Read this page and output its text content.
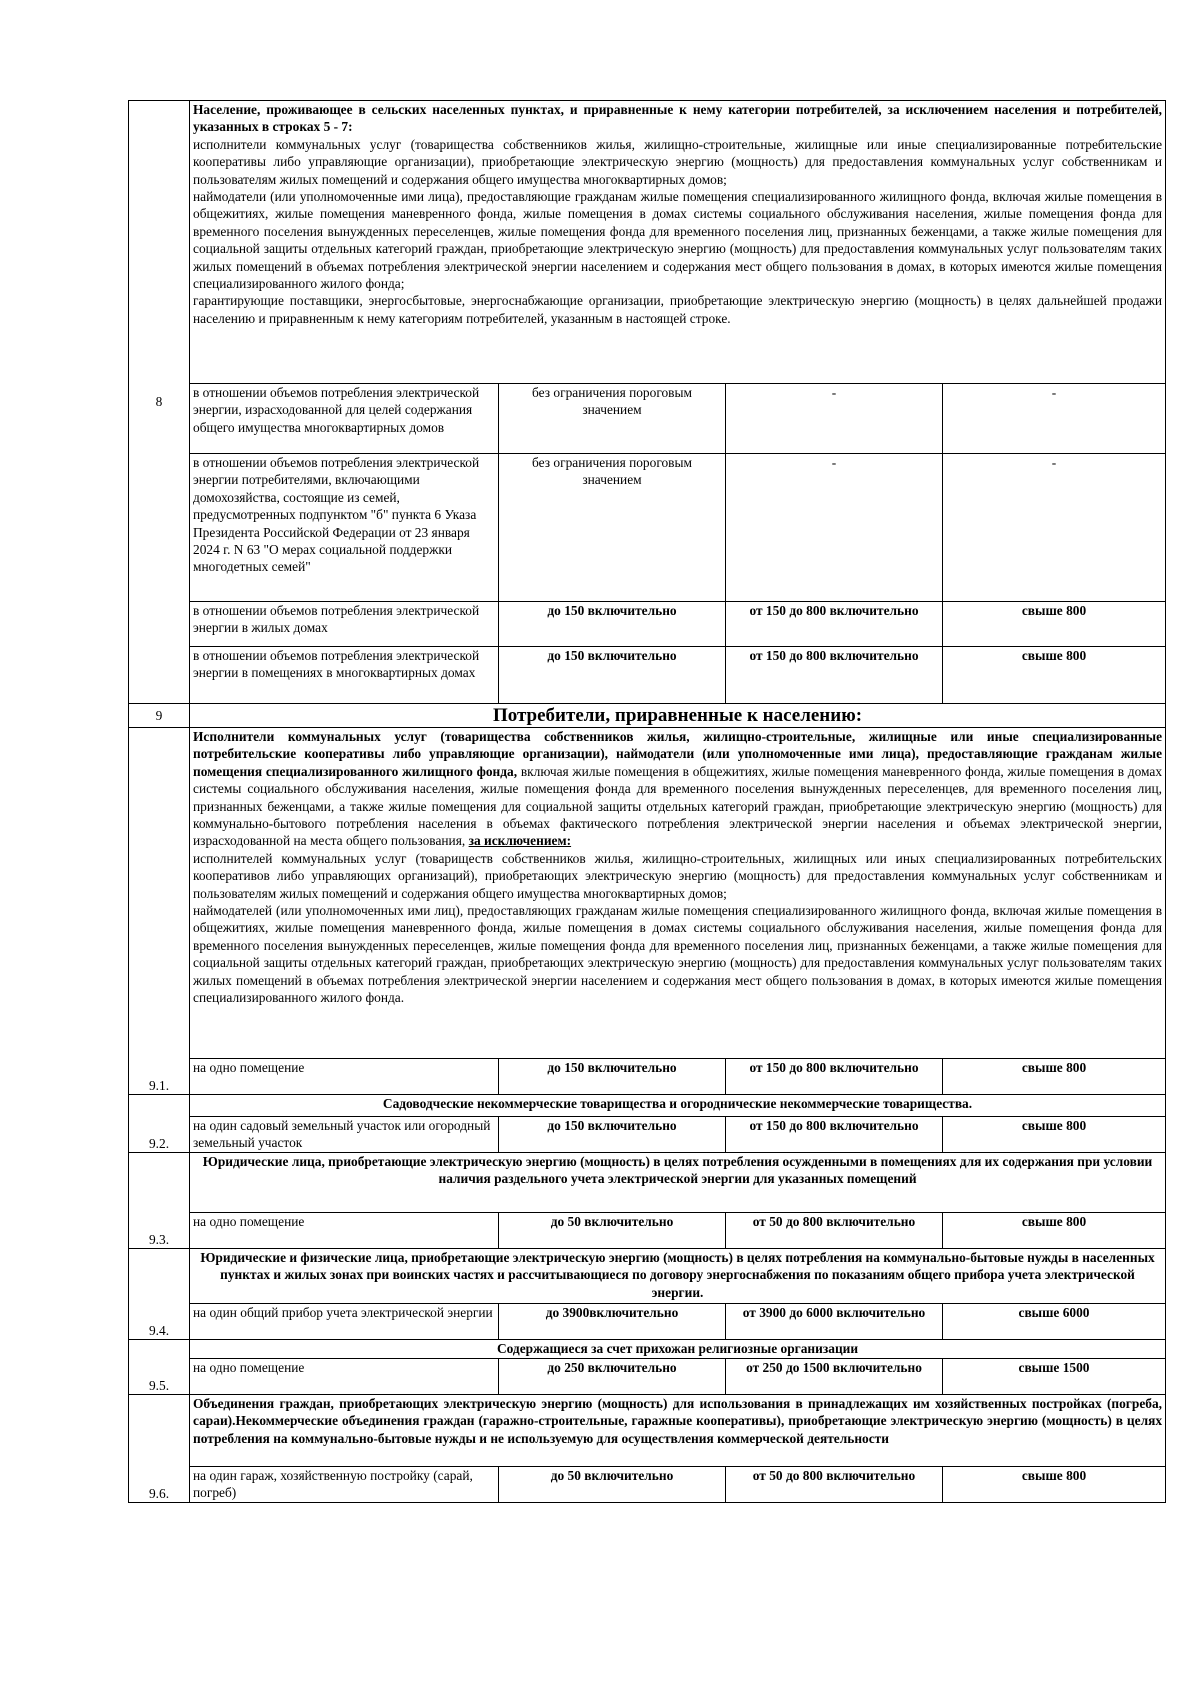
8	Население, проживающее в сельских населенных пунктах, и приравненные к нему категории потребителей, за исключением населения и потребителей, указанных в строках 5 - 7:

исполнители коммунальных услуг (товарищества собственников жилья, жилищно-строительные, жилищные или иные специализированные потребительские кооперативы либо управляющие организации), приобретающие электрическую энергию (мощность) для предоставления коммунальных услуг собственникам и пользователям жилых помещений и содержания общего имущества многоквартирных домов;

наймодатели (или уполномоченные ими лица), предоставляющие гражданам жилые помещения специализированного жилищного фонда, включая жилые помещения в общежитиях, жилые помещения маневренного фонда, жилые помещения в домах системы социального обслуживания населения, жилые помещения фонда для временного поселения вынужденных переселенцев, жилые помещения фонда для временного поселения лиц, признанных беженцами, а также жилые помещения для социальной защиты отдельных категорий граждан, приобретающие электрическую энергию (мощность) для предоставления коммунальных услуг пользователям таких жилых помещений в объемах потребления электрической энергии населением и содержания мест общего пользования в домах, в которых имеются жилые помещения специализированного жилого фонда;

гарантирующие поставщики, энергосбытовые, энергоснабжающие организации, приобретающие электрическую энергию (мощность) в целях дальнейшей продажи населению и приравненным к нему категориям потребителей, указанным в настоящей строке.			

	в отношении объемов потребления электрической энергии, израсходованной для целей содержания общего имущества многоквартирных домов	без ограничения пороговым значением	-	-
	в отношении объемов потребления электрической энергии потребителями, включающими домохозяйства, состоящие из семей, предусмотренных подпунктом "б" пункта 6 Указа Президента Российской Федерации от 23 января 2024 г. N 63 "О мерах социальной поддержки многодетных семей"	без ограничения пороговым значением	-	-
	в отношении объемов потребления электрической энергии в жилых домах	до 150 включительно	от 150 до 800 включительно	свыше 800
	в отношении объемов потребления электрической энергии в помещениях в многоквартирных домах	до 150 включительно	от 150 до 800 включительно	свыше 800
9	Потребители, приравненные к населению:			
9.1.	Исполнители коммунальных услуг (товарищества собственников жилья, жилищно-строительные, жилищные или иные специализированные потребительские кооперативы либо управляющие организации), наймодатели (или уполномоченные ими лица), предоставляющие гражданам жилые помещения специализированного жилищного фонда, включая жилые помещения в общежитиях, жилые помещения маневренного фонда, жилые помещения в домах системы социального обслуживания населения, жилые помещения фонда для временного поселения вынужденных переселенцев, для временного поселения лиц, признанных беженцами, а также жилые помещения для социальной защиты отдельных категорий граждан, приобретающие электрическую энергию (мощность) для коммунально-бытового потребления населения в объемах фактического потребления электрической энергии населения и объемах электрической энергии, израсходованной на места общего пользования, за исключением:

исполнителей коммунальных услуг (товариществ собственников жилья, жилищно-строительных, жилищных или иных специализированных потребительских кооперативов либо управляющих организаций), приобретающих электрическую энергию (мощность) для предоставления коммунальных услуг собственникам и пользователям жилых помещений и содержания общего имущества многоквартирных домов;

наймодателей (или уполномоченных ими лиц), предоставляющих гражданам жилые помещения специализированного жилищного фонда, включая жилые помещения в общежитиях, жилые помещения маневренного фонда, жилые помещения в домах системы социального обслуживания населения, жилые помещения фонда для временного поселения вынужденных переселенцев, жилые помещения фонда для временного поселения лиц, признанных беженцами, а также жилые помещения для социальной защиты отдельных категорий граждан, приобретающих электрическую энергию (мощность) для предоставления коммунальных услуг пользователям таких жилых помещений в объемах потребления электрической энергии населением и содержания мест общего пользования в домах, в которых имеются жилые помещения специализированного жилого фонда.			

	на одно помещение	до 150 включительно	от 150 до 800 включительно	свыше 800
9.2.	Садоводческие некоммерческие товарищества и огороднические некоммерческие товарищества.			
	на один садовый земельный участок или огородный земельный участок	до 150 включительно	от 150 до 800 включительно	свыше 800
9.3.	Юридические лица, приобретающие электрическую энергию (мощность) в целях потребления осужденными в помещениях для их содержания при условии наличия раздельного учета электрической энергии для указанных помещений			
	на одно помещение	до 50 включительно	от 50 до 800 включительно	свыше 800
9.4.	Юридические и физические лица, приобретающие электрическую энергию (мощность) в целях потребления на коммунально-бытовые нужды в населенных пунктах и жилых зонах при воинских частях и рассчитывающиеся по договору энергоснабжения по показаниям общего прибора учета электрической энергии.			
	на один общий прибор учета электрической энергии	до 3900включительно	от 3900 до 6000 включительно	свыше 6000
9.5.	Содержащиеся за счет прихожан религиозные организации			
	на одно помещение	до 250 включительно	от 250 до 1500 включительно	свыше 1500
9.6.	Объединения граждан, приобретающих электрическую энергию (мощность) для использования в принадлежащих им хозяйственных постройках (погреба, сараи).Некоммерческие объединения граждан (гаражно-строительные, гаражные кооперативы), приобретающие электрическую энергию (мощность) в целях потребления на коммунально-бытовые нужды и не используемую для осуществления коммерческой деятельности			
	на один гараж, хозяйственную постройку (сарай, погреб)	до 50 включительно	от 50 до 800 включительно	свыше 800
